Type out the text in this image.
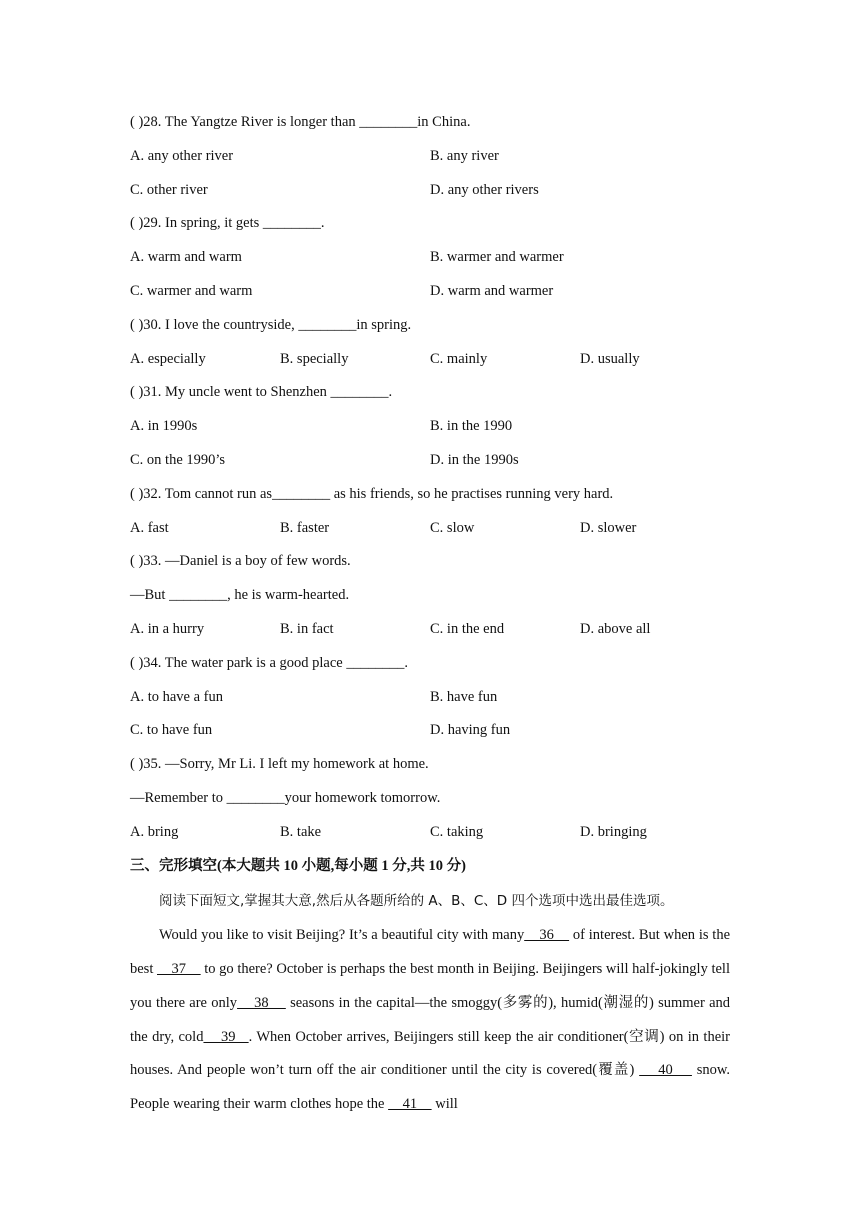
( )28. The Yangtze River is longer than ________in China.
A. any other river	B. any river
C. other river	D. any other rivers
( )29. In spring, it gets ________.
A. warm and warm	B. warmer and warmer
C. warmer and warm	D. warm and warmer
( )30. I love the countryside, ________in spring.
A. especially	B. specially	C. mainly	D. usually
( )31. My uncle went to Shenzhen ________.
A. in 1990s	B. in the 1990
C. on the 1990’s	D. in the 1990s
( )32. Tom cannot run as________ as his friends, so he practises running very hard.
A. fast	B. faster	C. slow	D. slower
( )33. —Daniel is a boy of few words.
—But ________, he is warm-hearted.
A. in a hurry	B. in fact	C. in the end	D. above all
( )34. The water park is a good place ________.
A. to have a fun	B. have fun
C. to have fun	D. having fun
( )35. —Sorry, Mr Li. I left my homework at home.
—Remember to ________your homework tomorrow.
A. bring	B. take	C. taking	D. bringing
三、完形填空(本大题共 10 小题,每小题 1 分,共 10 分)

阅读下面短文,掌握其大意,然后从各题所给的 A、B、C、D 四个选项中选出最佳选项。

Would you like to visit Beijing? It’s a beautiful city with many    36     of interest. But when is the best     37     to go there? October is perhaps the best month in Beijing. Beijingers will half-jokingly tell you there are only    38     seasons in the capital—the smoggy(多雾的), humid(潮湿的) summer and the dry, cold    39   . When October arrives, Beijingers still keep the air conditioner(空调) on in their houses. And people won’t turn off the air conditioner until the city is covered(覆盖)     40     snow. People wearing their warm clothes hope the     41     will
